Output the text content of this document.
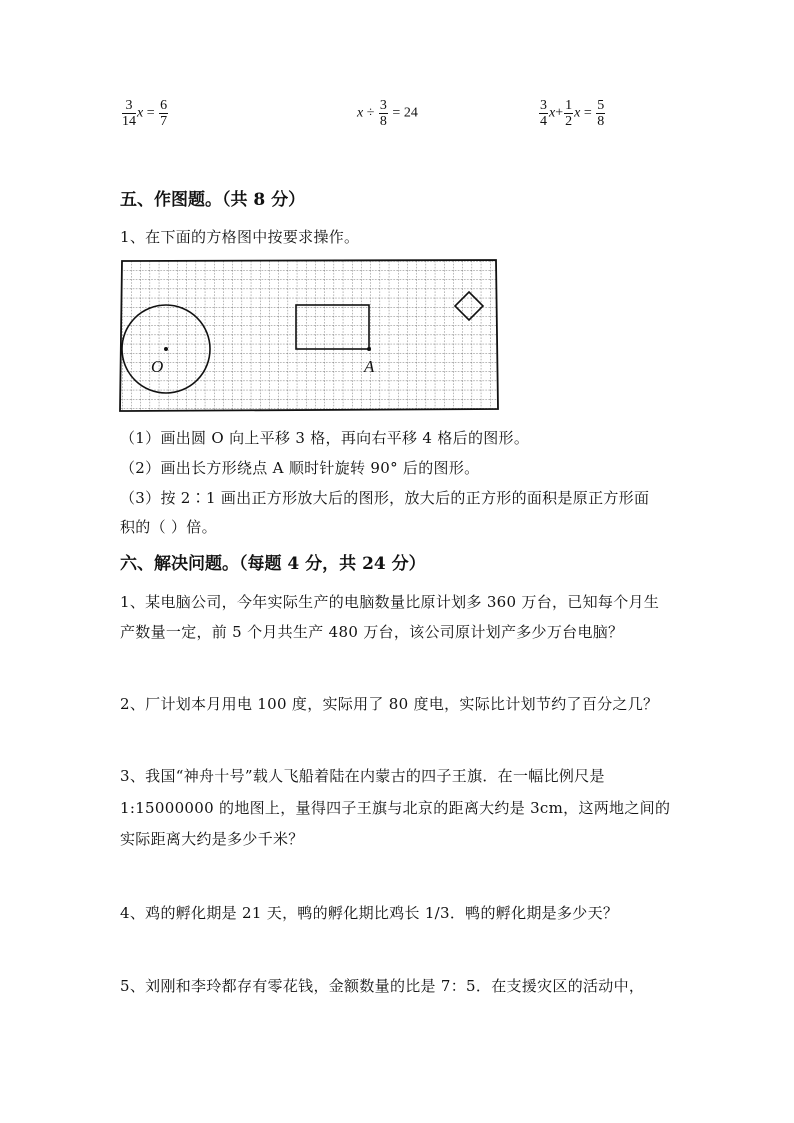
$\frac{3}{14}$ $x = \frac{6}{7}$	$x \div \frac{3}{8} = 24$	$\frac{3}{4} x+ \frac{1}{2}$ $x = \frac{5}{8}$
五、作图题。（共 8 分）
1、在下面的方格图中按要求操作。
O	A
（1）画出圆 O 向上平移 3 格，再向右平移 4 格后的图形。
（2）画出长方形绕点 A 顺时针旋转 90° 后的图形。
（3）按 2∶1 画出正方形放大后的图形，放大后的正方形的面积是原正方形面
积的（ ）倍。
六、解决问题。（每题 4 分，共 24 分）
1、某电脑公司，今年实际生产的电脑数量比原计划多 360 万台，已知每个月生
产数量一定，前 5 个月共生产 480 万台，该公司原计划产多少万台电脑？
2、厂计划本月用电 100 度，实际用了 80 度电，实际比计划节约了百分之几？
3、我国“神舟十号”载人飞船着陆在内蒙古的四子王旗．在一幅比例尺是
1:15000000 的地图上，量得四子王旗与北京的距离大约是 3cm，这两地之间的
实际距离大约是多少千米？
4、鸡的孵化期是 21 天，鸭的孵化期比鸡长 1/3．鸭的孵化期是多少天？
5、刘刚和李玲都存有零花钱，金额数量的比是 7：5．在支援灾区的活动中，
